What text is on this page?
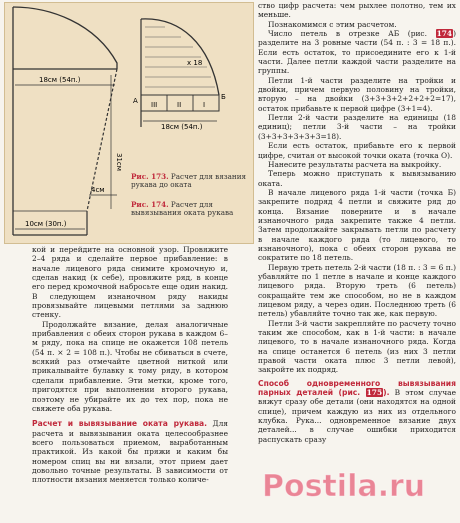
18см (54п.)
31см
4см
10см (30п.)
x 18
III	II	I
Б
А
18см (54п.)
Рис. 173. Расчет для вязания рукава до оката
Рис. 174. Расчет для вывязывания оката рукава

кой и перейдите на основной узор. Провяжите 2–4 ряда и сделайте первое прибавление: в начале лицевого ряда снимите кромочную и, сделав накид (к себе), провяжите ряд, в конце его перед кромочной набросьте еще один накид. В следующем изнаночном ряду накиды провязывайте лицевыми петлями за заднюю стенку.

Продолжайте вязание, делая аналогичные прибавления с обеих сторон рукава в каждом 6–м ряду, пока на спице не окажется 108 петель (54 п. × 2 = 108 п.). Чтобы не сбиваться в счете, всякий раз отмечайте цветной ниткой или прикалывайте булавку к тому ряду, в котором сделали прибавление. Эти метки, кроме того, пригодятся при выполнении второго рукава, поэтому не убирайте их до тех пор, пока не свяжете оба рукава.

Расчет и вывязывание оката рукава. Для расчета и вывязывания оката целесообразнее всего пользоваться приемом, выработанным практикой. Из какой бы пряжи и каким бы номером спиц вы ни вязали, этот прием дает довольно точные результаты. В зависимости от плотности вязания меняется только количе-

ство цифр расчета: чем рыхлее полотно, тем их меньше.

Познакомимся с этим расчетом.

Число петель в отрезке АБ (рис. 174) разделите на 3 ровные части (54 п. : 3 = 18 п.). Если есть остаток, то присоедините его к 1-й части. Далее петли каждой части разделите на группы.

Петли 1-й части разделите на тройки и двойки, причем первую половину на тройки, вторую – на двойки (3+3+3+2+2+2+2=17), остаток прибавьте к первой цифре (3+1=4).

Петли 2-й части разделите на единицы (18 единиц); петли 3-й части – на тройки (3+3+3+3+3+3=18).

Если есть остаток, прибавьте его к первой цифре, считая от высокой точки оката (точка О).

Нанесите результаты расчета на выкройку.

Теперь можно приступать к вывязыванию оката.

В начале лицевого ряда 1-й части (точка Б) закрепите подряд 4 петли и свяжите ряд до конца. Вязание поверните и в начале изнаночного ряда закрепите также 4 петли. Затем продолжайте закрывать петли по расчету в начале каждого ряда (то лицевого, то изнаночного), пока с обеих сторон рукава не сократите по 18 петель.

Первую треть петель 2-й части (18 п. : 3 = 6 п.) убавляйте по 1 петле в начале и конце каждого лицевого ряда. Вторую треть (6 петель) сокращайте тем же способом, но не в каждом лицевом ряду, а через один. Последнюю треть (6 петель) убавляйте точно так же, как первую.

Петли 3-й части закрепляйте по расчету точно таким же способом, как в 1-й части: в начале лицевого, то в начале изнаночного ряда. Когда на спице останется 6 петель (из них 3 петли правой части оката плюс 3 петли левой), закройте их подряд.

Способ одновременного вывязывания парных деталей (рис. 175). В этом случае вяжут сразу обе детали (они находятся на одной спице), причем каждую из них из отдельного клубка. Рука... одновременное вязание двух деталей... в случае ошибки приходится распускать сразу

Postila.ru
